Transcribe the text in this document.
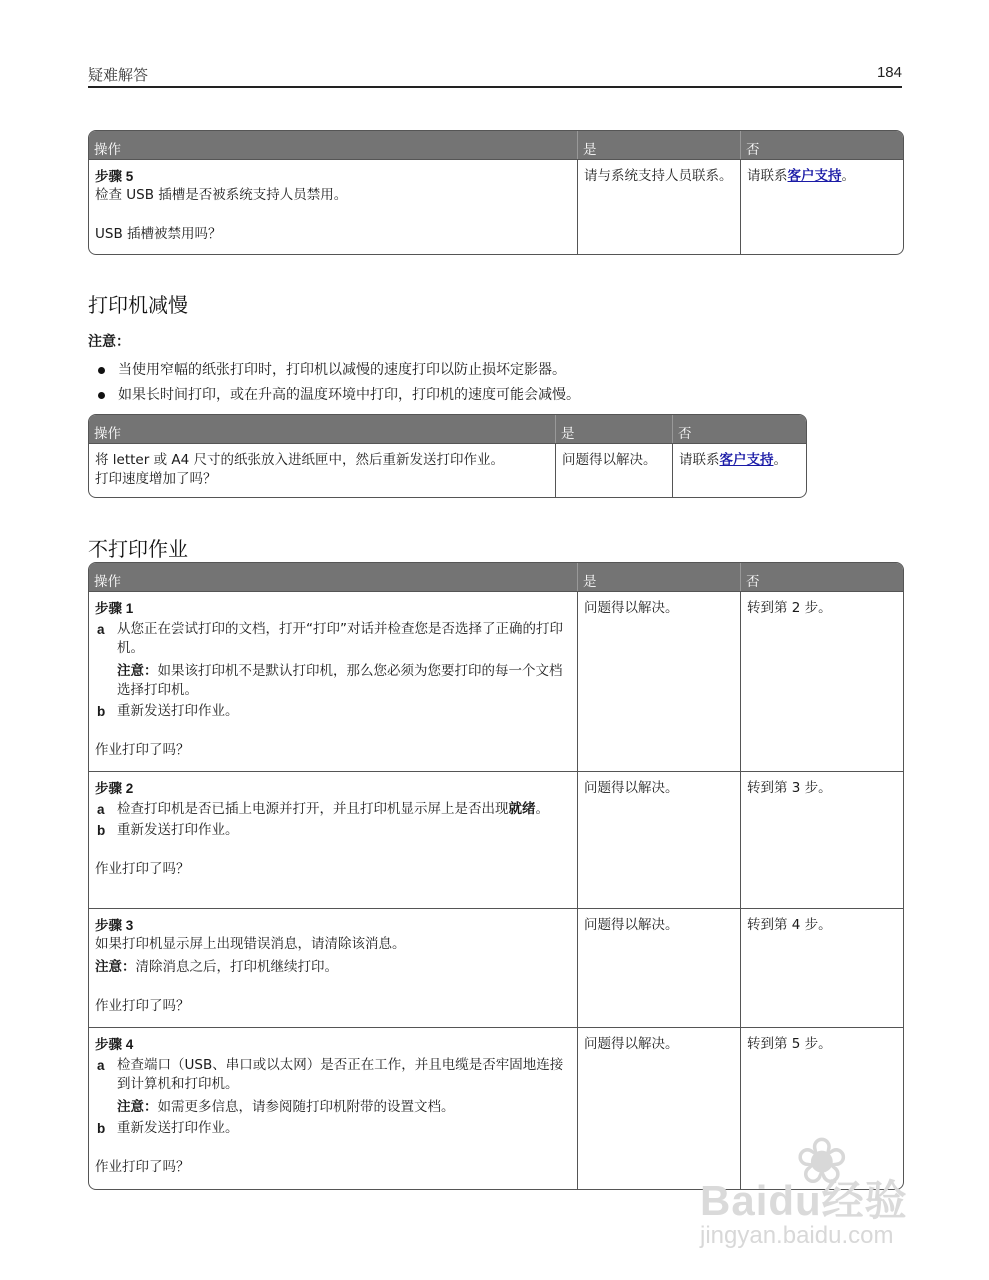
疑难解答	184
操作	是	否
步骤 5
检查 USB 插槽是否被系统支持人员禁用。
USB 插槽被禁用吗？
请与系统支持人员联系。	请联系客户支持。
打印机减慢
注意：
当使用窄幅的纸张打印时，打印机以减慢的速度打印以防止损坏定影器。
如果长时间打印，或在升高的温度环境中打印，打印机的速度可能会减慢。
操作	是	否
将 letter 或 A4 尺寸的纸张放入进纸匣中，然后重新发送打印作业。
打印速度增加了吗？
问题得以解决。	请联系客户支持。
不打印作业
操作	是	否
步骤 1
a 从您正在尝试打印的文档，打开“打印”对话并检查您是否选择了正确的打印机。
注意：如果该打印机不是默认打印机，那么您必须为您要打印的每一个文档选择打印机。
b 重新发送打印作业。
作业打印了吗？
问题得以解决。	转到第 2 步。
步骤 2
a 检查打印机是否已插上电源并打开，并且打印机显示屏上是否出现就绪。
b 重新发送打印作业。
作业打印了吗？
问题得以解决。	转到第 3 步。
步骤 3
如果打印机显示屏上出现错误消息，请清除该消息。
注意：清除消息之后，打印机继续打印。
作业打印了吗？
问题得以解决。	转到第 4 步。
步骤 4
a 检查端口（USB、串口或以太网）是否正在工作，并且电缆是否牢固地连接到计算机和打印机。
注意：如需更多信息，请参阅随打印机附带的设置文档。
b 重新发送打印作业。
作业打印了吗？
问题得以解决。	转到第 5 步。
❀
Baidu经验
jingyan.baidu.com
